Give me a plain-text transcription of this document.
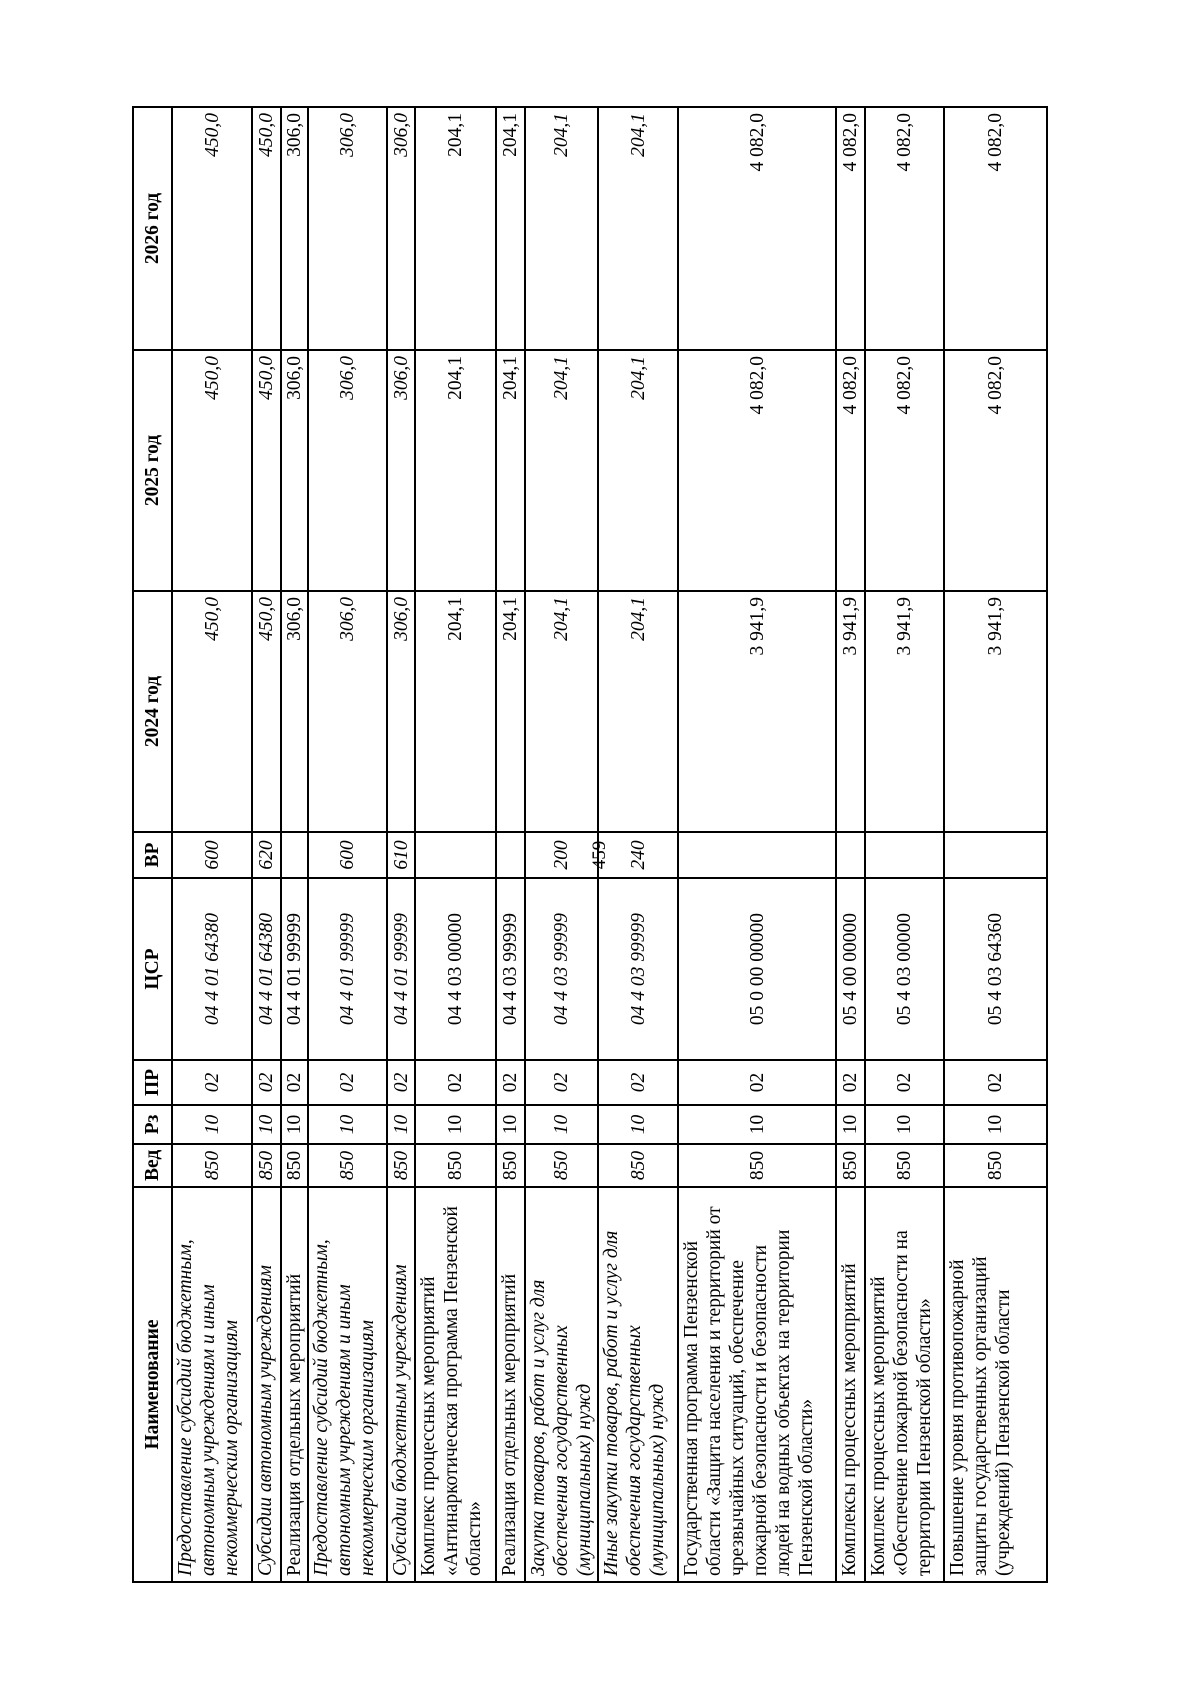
459
Наименование	Вед	Рз	ПР	ЦСР	ВР	2024 год	2025 год	2026 год
Предоставление субсидий бюджетным, автономным учреждениям и иным некоммерческим организациям	850	10	02	04 4 01 64380	600	450,0	450,0	450,0
Субсидии автономным учреждениям	850	10	02	04 4 01 64380	620	450,0	450,0	450,0
Реализация отдельных мероприятий	850	10	02	04 4 01 99999		306,0	306,0	306,0
Предоставление субсидий бюджетным, автономным учреждениям и иным некоммерческим организациям	850	10	02	04 4 01 99999	600	306,0	306,0	306,0
Субсидии бюджетным учреждениям	850	10	02	04 4 01 99999	610	306,0	306,0	306,0
Комплекс процессных мероприятий «Антинаркотическая программа Пензенской области»	850	10	02	04 4 03 00000		204,1	204,1	204,1
Реализация отдельных мероприятий	850	10	02	04 4 03 99999		204,1	204,1	204,1
Закупка товаров, работ и услуг для обеспечения государственных (муниципальных) нужд	850	10	02	04 4 03 99999	200	204,1	204,1	204,1
Иные закупки товаров, работ и услуг для обеспечения государственных (муниципальных) нужд	850	10	02	04 4 03 99999	240	204,1	204,1	204,1
Государственная программа Пензенской области «Защита населения и территорий от чрезвычайных ситуаций, обеспечение пожарной безопасности и безопасности людей на водных объектах на территории Пензенской области»	850	10	02	05 0 00 00000		3 941,9	4 082,0	4 082,0
Комплексы процессных мероприятий	850	10	02	05 4 00 00000		3 941,9	4 082,0	4 082,0
Комплекс процессных мероприятий «Обеспечение пожарной безопасности на территории Пензенской области»	850	10	02	05 4 03 00000		3 941,9	4 082,0	4 082,0
Повышение уровня противопожарной защиты государственных организаций (учреждений) Пензенской области	850	10	02	05 4 03 64360		3 941,9	4 082,0	4 082,0
